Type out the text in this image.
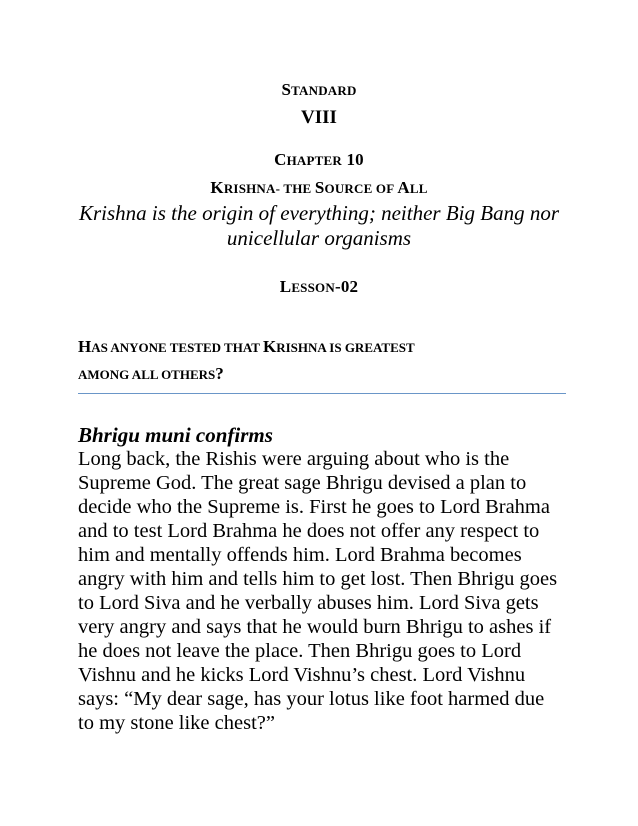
STANDARD
VIII
CHAPTER 10
KRISHNA- THE SOURCE OF ALL
Krishna is the origin of everything; neither Big Bang nor
unicellular organisms
LESSON-02
HAS ANYONE TESTED THAT KRISHNA IS GREATEST
AMONG ALL OTHERS?
Bhrigu muni confirms
Long back, the Rishis were arguing about who is the
Supreme God. The great sage Bhrigu devised a plan to
decide who the Supreme is. First he goes to Lord Brahma
and to test Lord Brahma he does not offer any respect to
him and mentally offends him. Lord Brahma becomes
angry with him and tells him to get lost. Then Bhrigu goes
to Lord Siva and he verbally abuses him. Lord Siva gets
very angry and says that he would burn Bhrigu to ashes if
he does not leave the place. Then Bhrigu goes to Lord
Vishnu and he kicks Lord Vishnu’s chest. Lord Vishnu
says: “My dear sage, has your lotus like foot harmed due
to my stone like chest?”
